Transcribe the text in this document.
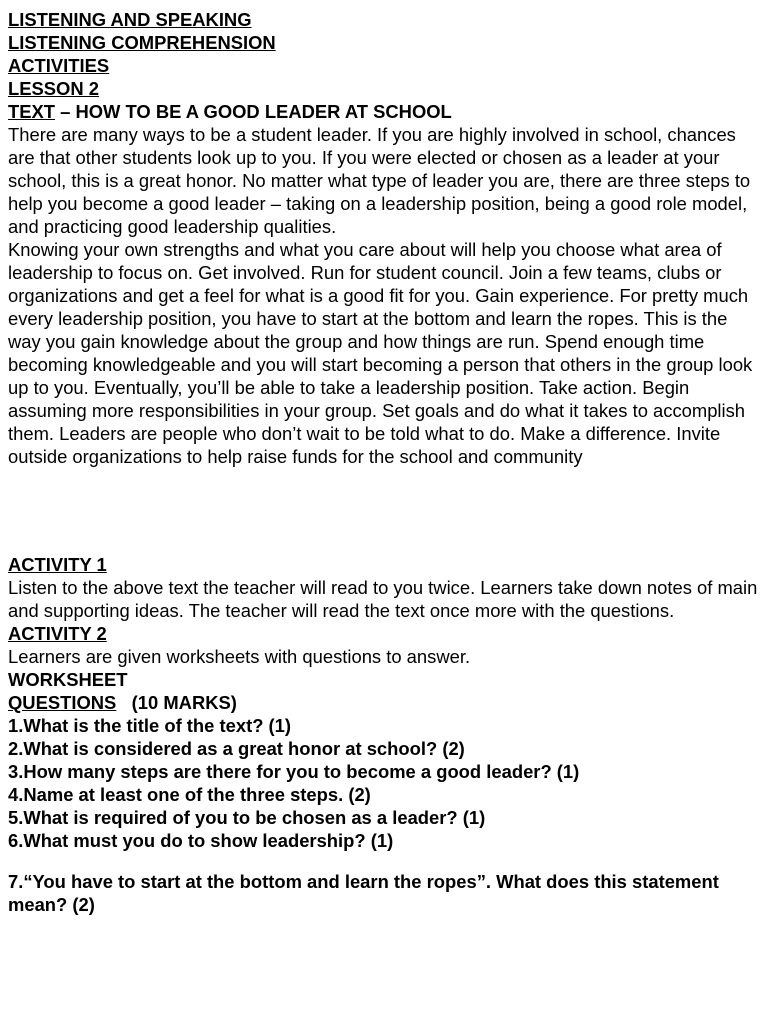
LISTENING AND SPEAKING

LISTENING COMPREHENSION

ACTIVITIES

LESSON 2

TEXT – HOW TO BE A GOOD LEADER AT SCHOOL

There are many ways to be a student leader. If you are highly involved in school, chances are that other students look up to you. If you were elected or chosen as a leader at your school, this is a great honor. No matter what type of leader you are, there are three steps to help you become a good leader – taking on a leadership position, being a good role model, and practicing good leadership qualities.

Knowing your own strengths and what you care about will help you choose what area of leadership to focus on. Get involved. Run for student council. Join a few teams, clubs or organizations and get a feel for what is a good fit for you. Gain experience. For pretty much every leadership position, you have to start at the bottom and learn the ropes. This is the way you gain knowledge about the group and how things are run. Spend enough time becoming knowledgeable and you will start becoming a person that others in the group look up to you. Eventually, you’ll be able to take a leadership position. Take action. Begin assuming more responsibilities in your group. Set goals and do what it takes to accomplish them. Leaders are people who don’t wait to be told what to do. Make a difference. Invite outside organizations to help raise funds for the school and community

ACTIVITY 1

Listen to the above text the teacher will read to you twice. Learners take down notes of main and supporting ideas. The teacher will read the text once more with the questions.

ACTIVITY 2

Learners are given worksheets with questions to answer.

WORKSHEET

QUESTIONS   (10 MARKS)

1.What is the title of the text? (1)

2.What is considered as a great honor at school? (2)

3.How many steps are there for you to become a good leader? (1)

4.Name at least one of the three steps. (2)

5.What is required of you to be chosen as a leader? (1)

6.What must you do to show leadership? (1)

7.“You have to start at the bottom and learn the ropes”. What does this statement mean? (2)
